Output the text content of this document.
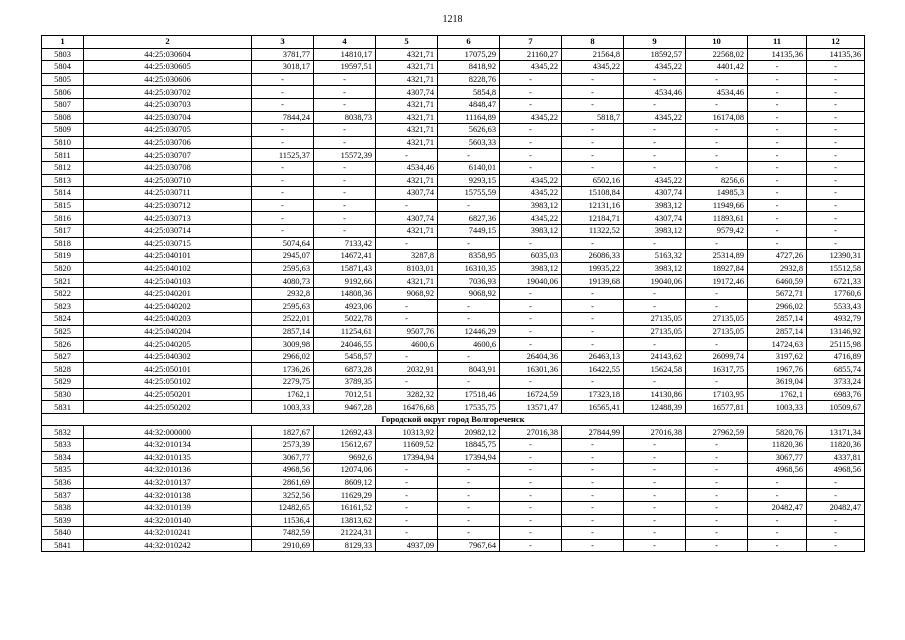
1218
1	2	3	4	5	6	7	8	9	10	11	12
5803	44:25:030604	3781,77	14810,17	4321,71	17075,29	21160,27	21564,8	18592,57	22568,02	14135,36	14135,36
5804	44:25:030605	3018,17	19597,51	4321,71	8418,92	4345,22	4345,22	4345,22	4401,42	-	-
5805	44:25:030606	-	-	4321,71	8228,76	-	-	-	-	-	-
5806	44:25:030702	-	-	4307,74	5854,8	-	-	4534,46	4534,46	-	-
5807	44:25:030703	-	-	4321,71	4848,47	-	-	-	-	-	-
5808	44:25:030704	7844,24	8038,73	4321,71	11164,89	4345,22	5818,7	4345,22	16174,08	-	-
5809	44:25:030705	-	-	4321,71	5626,63	-	-	-	-	-	-
5810	44:25:030706	-	-	4321,71	5603,33	-	-	-	-	-	-
5811	44:25:030707	11525,37	15572,39	-	-	-	-	-	-	-	-
5812	44:25:030708	-	-	4534,46	6140,01	-	-	-	-	-	-
5813	44:25:030710	-	-	4321,71	9293,15	4345,22	6502,16	4345,22	8256,6	-	-
5814	44:25:030711	-	-	4307,74	15755,59	4345,22	15108,84	4307,74	14985,3	-	-
5815	44:25:030712	-	-	-	-	3983,12	12131,16	3983,12	11949,66	-	-
5816	44:25:030713	-	-	4307,74	6827,36	4345,22	12184,71	4307,74	11893,61	-	-
5817	44:25:030714	-	-	4321,71	7449,15	3983,12	11322,52	3983,12	9579,42	-	-
5818	44:25:030715	5074,64	7133,42	-	-	-	-	-	-	-	-
5819	44:25:040101	2945,07	14672,41	3287,8	8358,95	6035,03	26086,33	5163,32	25314,89	4727,26	12390,31
5820	44:25:040102	2595,63	15871,43	8103,01	16310,35	3983,12	19935,22	3983,12	18927,84	2932,8	15512,58
5821	44:25:040103	4080,73	9192,66	4321,71	7036,93	19040,06	19139,68	19040,06	19172,46	6460,59	6721,33
5822	44:25:040201	2932,8	14808,36	9068,92	9068,92	-	-	-	-	5672,71	17760,6
5823	44:25:040202	2595,63	4923,06	-	-	-	-	-	-	2966,02	5533,43
5824	44:25:040203	2522,01	5022,78	-	-	-	-	27135,05	27135,05	2857,14	4932,79
5825	44:25:040204	2857,14	11254,61	9507,76	12446,29	-	-	27135,05	27135,05	2857,14	13146,92
5826	44:25:040205	3009,98	24046,55	4600,6	4600,6	-	-	-	-	14724,63	25115,98
5827	44:25:040302	2966,02	5458,57	-	-	26404,36	26463,13	24143,62	26099,74	3197,62	4716,89
5828	44:25:050101	1736,26	6873,28	2032,91	8043,91	16301,36	16422,55	15624,58	16317,75	1967,76	6855,74
5829	44:25:050102	2279,75	3789,35	-	-	-	-	-	-	3619,04	3733,24
5830	44:25:050201	1762,1	7012,51	3282,32	17518,46	16724,59	17323,18	14130,86	17103,95	1762,1	6983,76
5831	44:25:050202	1003,33	9467,28	16476,68	17535,75	13571,47	16565,41	12488,39	16577,81	1003,33	10509,67
Городской округ город Волгореченск											
5832	44:32:000000	1827,67	12692,43	10313,92	20982,12	27016,38	27844,99	27016,38	27962,59	5820,76	13171,34
5833	44:32:010134	2573,39	15612,67	11609,52	18845,75	-	-	-	-	11820,36	11820,36
5834	44:32:010135	3067,77	9692,6	17394,94	17394,94	-	-	-	-	3067,77	4337,81
5835	44:32:010136	4968,56	12074,06	-	-	-	-	-	-	4968,56	4968,56
5836	44:32:010137	2861,69	8609,12	-	-	-	-	-	-	-	-
5837	44:32:010138	3252,56	11629,29	-	-	-	-	-	-	-	-
5838	44:32:010139	12482,65	16161,52	-	-	-	-	-	-	20482,47	20482,47
5839	44:32:010140	11536,4	13813,62	-	-	-	-	-	-	-	-
5840	44:32:010241	7482,59	21224,31	-	-	-	-	-	-	-	-
5841	44:32:010242	2910,69	8129,33	4937,09	7967,64	-	-	-	-	-	-
